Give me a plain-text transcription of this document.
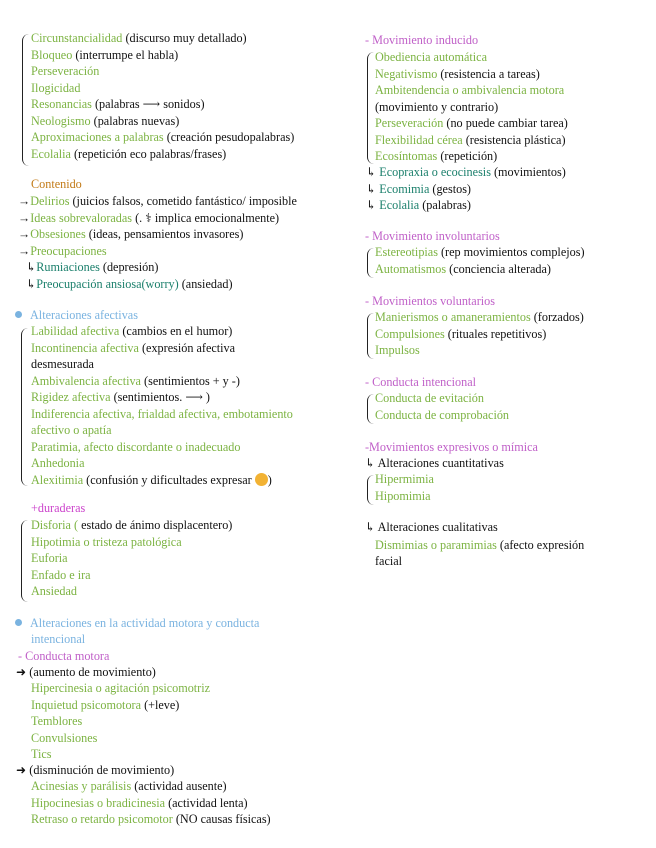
Circunstancialidad (discurso muy detallado)
Bloqueo (interrumpe el habla)
Perseveración
Ilogicidad
Resonancias (palabras ⟶ sonidos)
Neologismo (palabras nuevas)
Aproximaciones a palabras (creación pesudopalabras)
Ecolalia (repetición eco palabras/frases)
Contenido
→Delirios (juicios falsos, cometido fantástico/ imposible
→Ideas sobrevaloradas (. ⚕ implica emocionalmente)
→Obsesiones (ideas, pensamientos invasores)
→Preocupaciones
↳Rumiaciones (depresión)
↳Preocupación ansiosa(worry) (ansiedad)
Alteraciones afectivas
Labilidad afectiva (cambios en el humor)
Incontinencia afectiva (expresión afectiva
desmesurada
Ambivalencia afectiva (sentimientos + y -)
Rigidez afectiva (sentimientos. ⟶ )
Indiferencia afectiva, frialdad afectiva, embotamiento
afectivo o apatía
Paratimia, afecto discordante o inadecuado
Anhedonia
Alexitimia (confusión y dificultades expresar )
+duraderas
Disforia ( estado de ánimo displacentero)
Hipotimia o tristeza patológica
Euforia
Enfado e ira
Ansiedad
Alteraciones en la actividad motora y conducta
intencional
- Conducta motora
➜ (aumento de movimiento)
Hipercinesia o agitación psicomotriz
Inquietud psicomotora (+leve)
Temblores
Convulsiones
Tics
➜ (disminución de movimiento)
Acinesias y parálisis (actividad ausente)
Hipocinesias o bradicinesia (actividad lenta)
Retraso o retardo psicomotor (NO causas físicas)
- Movimiento inducido
Obediencia automática
Negativismo (resistencia a tareas)
Ambitendencia o ambivalencia motora
(movimiento y contrario)
Perseveración (no puede cambiar tarea)
Flexibilidad cérea (resistencia plástica)
Ecosíntomas (repetición)
↳ Ecopraxia o ecocinesis (movimientos)
↳ Ecomimia (gestos)
↳ Ecolalia (palabras)
- Movimiento involuntarios
Estereotipias (rep movimientos complejos)
Automatismos (conciencia alterada)
- Movimientos voluntarios
Manierismos o amaneramientos (forzados)
Compulsiones (rituales repetitivos)
Impulsos
- Conducta intencional
Conducta de evitación
Conducta de comprobación
-Movimientos expresivos o mímica
↳ Alteraciones cuantitativas
Hipermimia
Hipomimia
↳ Alteraciones cualitativas
Dismimias o paramimias (afecto expresión
facial
